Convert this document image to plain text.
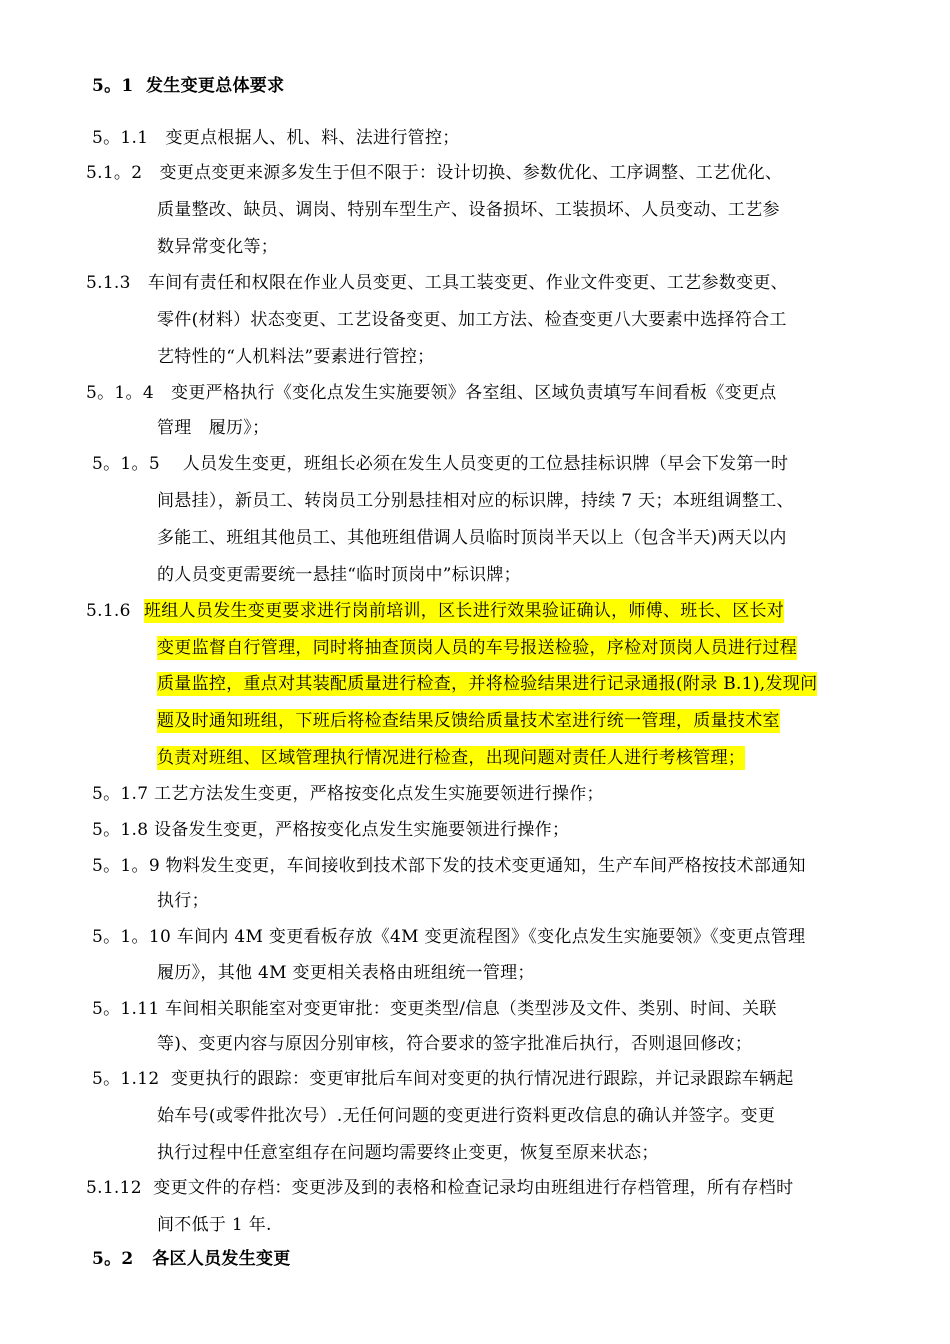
5。1  发生变更总体要求
5。1.1   变更点根据人、机、料、法进行管控；
5.1。2   变更点变更来源多发生于但不限于：设计切换、参数优化、工序调整、工艺优化、
质量整改、缺员、调岗、特别车型生产、设备损坏、工装损坏、人员变动、工艺参
数异常变化等；
5.1.3   车间有责任和权限在作业人员变更、工具工装变更、作业文件变更、工艺参数变更、
零件(材料）状态变更、工艺设备变更、加工方法、检查变更八大要素中选择符合工
艺特性的“人机料法”要素进行管控；
5。1。4   变更严格执行《变化点发生实施要领》各室组、区域负责填写车间看板《变更点
管理   履历》；
5。1。5    人员发生变更，班组长必须在发生人员变更的工位悬挂标识牌（早会下发第一时
间悬挂），新员工、转岗员工分别悬挂相对应的标识牌，持续 7 天；本班组调整工、
多能工、班组其他员工、其他班组借调人员临时顶岗半天以上（包含半天)两天以内
的人员变更需要统一悬挂“临时顶岗中”标识牌；
5.1.6 班组人员发生变更要求进行岗前培训，区长进行效果验证确认，师傅、班长、区长对
变更监督自行管理，同时将抽查顶岗人员的车号报送检验，序检对顶岗人员进行过程
质量监控，重点对其装配质量进行检查，并将检验结果进行记录通报(附录 B.1),发现问
题及时通知班组，下班后将检查结果反馈给质量技术室进行统一管理，质量技术室
负责对班组、区域管理执行情况进行检查，出现问题对责任人进行考核管理；
5。1.7 工艺方法发生变更，严格按变化点发生实施要领进行操作；
5。1.8 设备发生变更，严格按变化点发生实施要领进行操作；
5。1。9 物料发生变更，车间接收到技术部下发的技术变更通知，生产车间严格按技术部通知
执行；
5。1。10 车间内 4M 变更看板存放《4M 变更流程图》《变化点发生实施要领》《变更点管理
履历》，其他 4M 变更相关表格由班组统一管理；
5。1.11 车间相关职能室对变更审批：变更类型/信息（类型涉及文件、类别、时间、关联
等)、变更内容与原因分别审核，符合要求的签字批准后执行，否则退回修改；
5。1.12  变更执行的跟踪：变更审批后车间对变更的执行情况进行跟踪，并记录跟踪车辆起
始车号(或零件批次号）.无任何问题的变更进行资料更改信息的确认并签字。变更
执行过程中任意室组存在问题均需要终止变更，恢复至原来状态；
5.1.12  变更文件的存档：变更涉及到的表格和检查记录均由班组进行存档管理，所有存档时
间不低于 1 年.
5。2   各区人员发生变更
